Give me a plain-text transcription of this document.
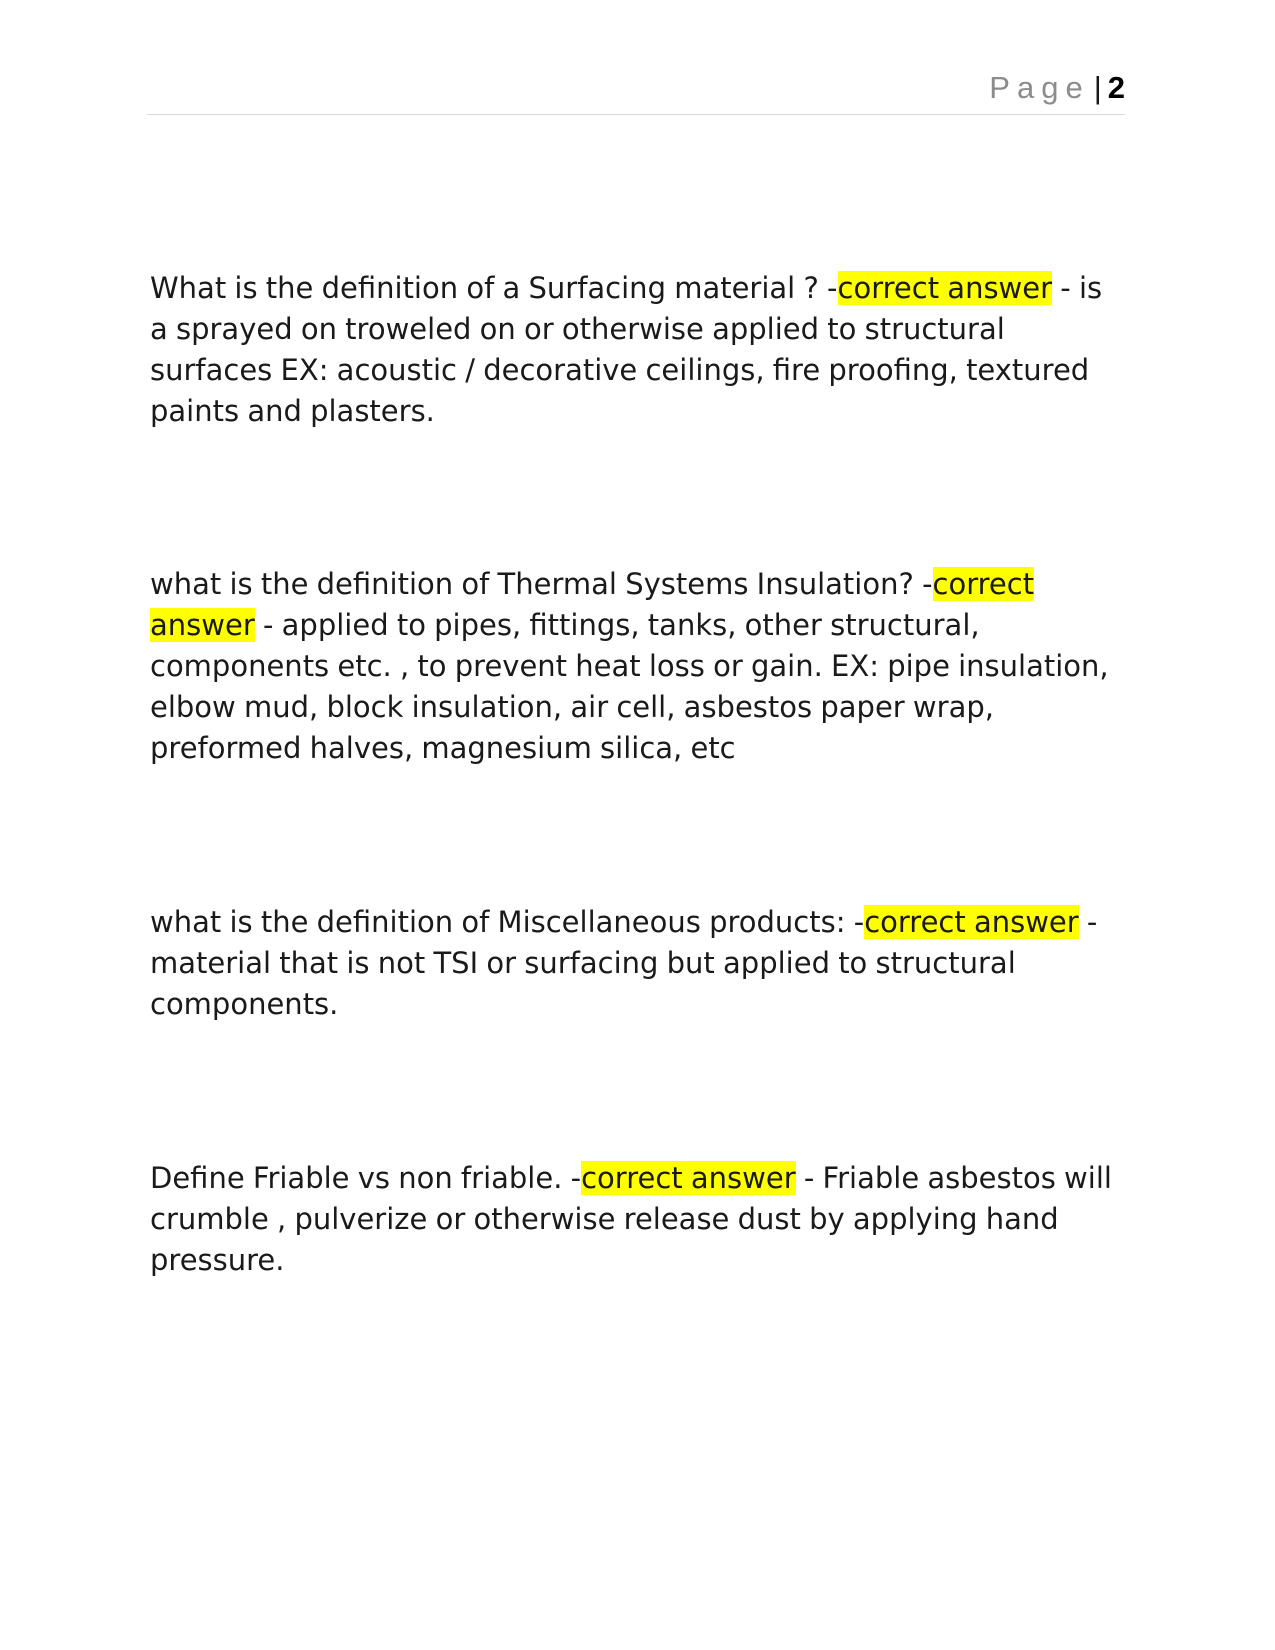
Page | 2

What is the definition of a Surfacing material ? -correct answer - is a sprayed on troweled on or otherwise applied to structural surfaces EX: acoustic / decorative ceilings, fire proofing, textured paints and plasters.

what is the definition of Thermal Systems Insulation? -correct answer - applied to pipes, fittings, tanks, other structural, components etc. , to prevent heat loss or gain. EX: pipe insulation, elbow mud, block insulation, air cell, asbestos paper wrap, preformed halves, magnesium silica, etc

what is the definition of Miscellaneous products: -correct answer - material that is not TSI or surfacing but applied to structural components.

Define Friable vs non friable. -correct answer - Friable asbestos will crumble , pulverize or otherwise release dust by applying hand pressure.
